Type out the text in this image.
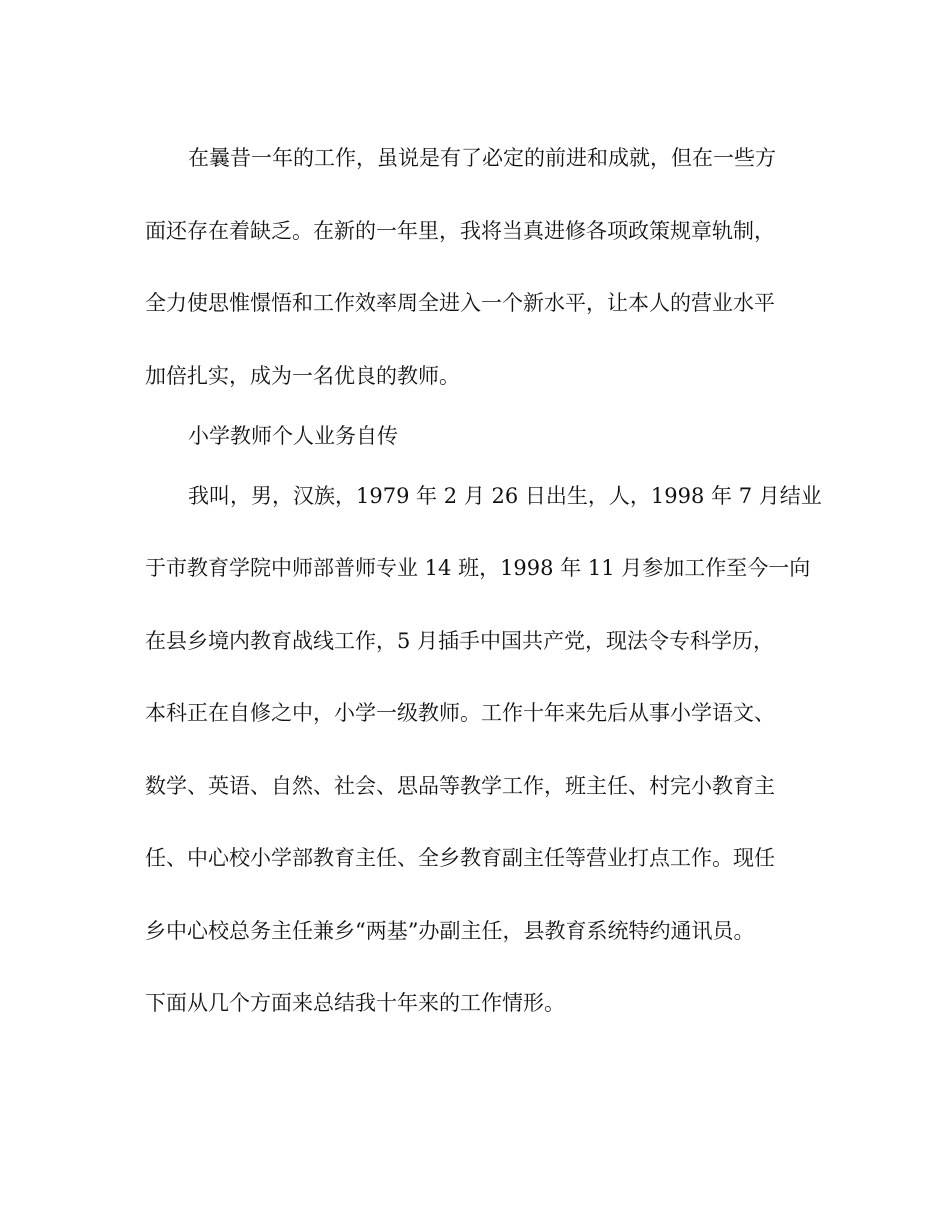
在曩昔一年的工作，虽说是有了必定的前进和成就，但在一些方
面还存在着缺乏。在新的一年里，我将当真进修各项政策规章轨制，
全力使思惟憬悟和工作效率周全进入一个新水平，让本人的营业水平
加倍扎实，成为一名优良的教师。
小学教师个人业务自传
我叫，男，汉族，1979 年 2 月 26 日出生，人，1998 年 7 月结业
于市教育学院中师部普师专业 14 班，1998 年 11 月参加工作至今一向
在县乡境内教育战线工作，5 月插手中国共产党，现法令专科学历，
本科正在自修之中，小学一级教师。工作十年来先后从事小学语文、
数学、英语、自然、社会、思品等教学工作，班主任、村完小教育主
任、中心校小学部教育主任、全乡教育副主任等营业打点工作。现任
乡中心校总务主任兼乡“两基”办副主任，县教育系统特约通讯员。
下面从几个方面来总结我十年来的工作情形。
